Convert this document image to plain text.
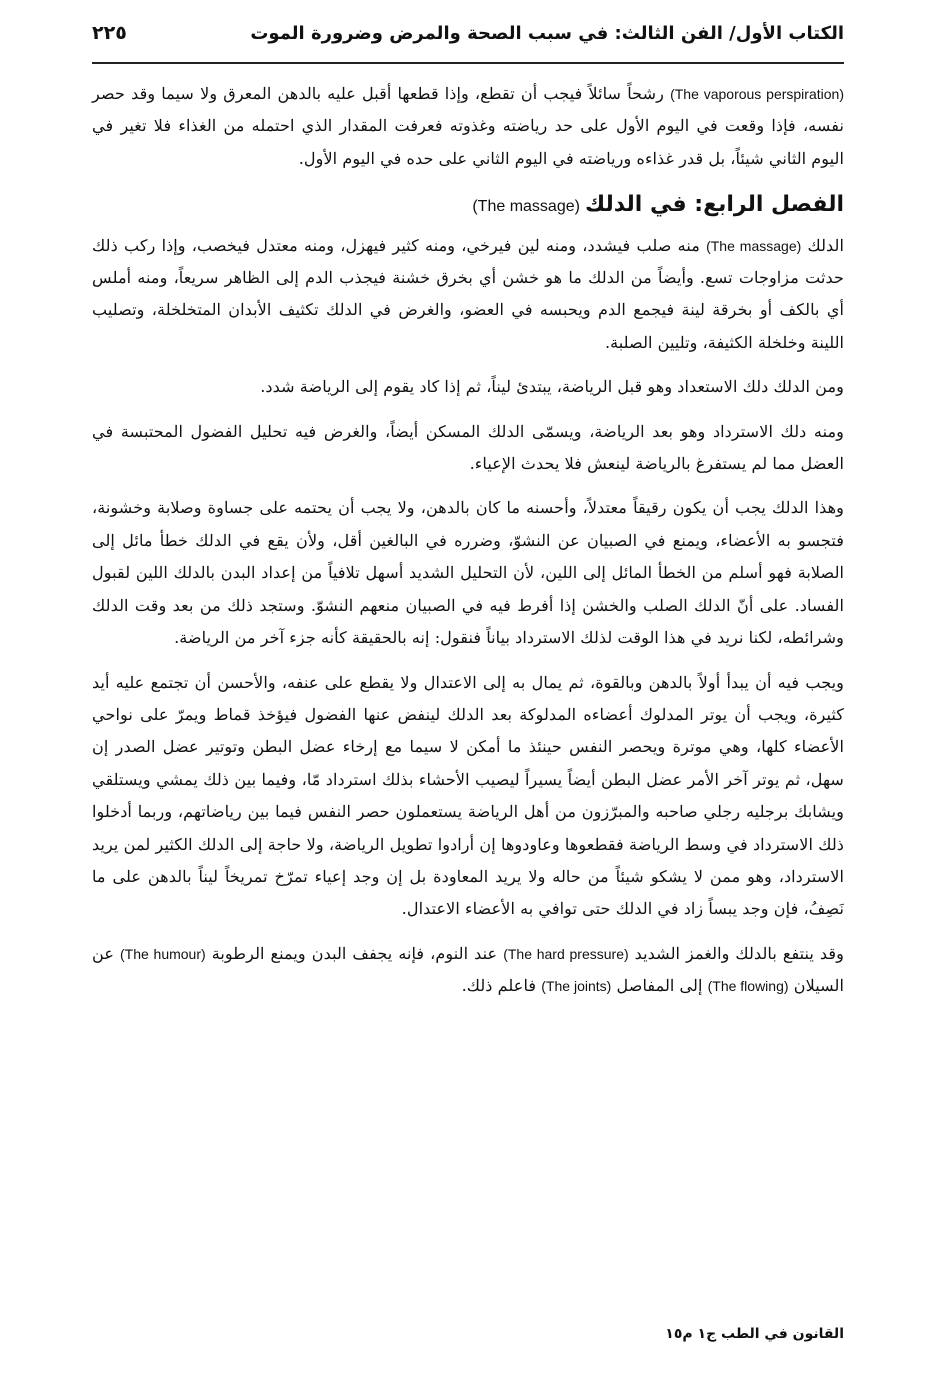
الكتاب الأول/ الفن الثالث: في سبب الصحة والمرض وضرورة الموت
٢٢٥

(The vaporous perspiration) رشحاً سائلاً فيجب أن تقطع، وإذا قطعها أقبل عليه بالدهن المعرق ولا سيما وقد حصر نفسه، فإذا وقعت في اليوم الأول على حد رياضته وغذوته فعرفت المقدار الذي احتمله من الغذاء فلا تغير في اليوم الثاني شيئاً، بل قدر غذاءه ورياضته في اليوم الثاني على حده في اليوم الأول.

الفصل الرابع: في الدلك (The massage)

الدلك (The massage) منه صلب فيشدد، ومنه لين فيرخي، ومنه كثير فيهزل، ومنه معتدل فيخصب، وإذا ركب ذلك حدثت مزاوجات تسع. وأيضاً من الدلك ما هو خشن أي بخرق خشنة فيجذب الدم إلى الظاهر سريعاً، ومنه أملس أي بالكف أو بخرقة لينة فيجمع الدم ويحبسه في العضو، والغرض في الدلك تكثيف الأبدان المتخلخلة، وتصليب اللينة وخلخلة الكثيفة، وتليين الصلبة.

ومن الدلك دلك الاستعداد وهو قبل الرياضة، يبتدئ ليناً، ثم إذا كاد يقوم إلى الرياضة شدد.

ومنه دلك الاسترداد وهو بعد الرياضة، ويسمّى الدلك المسكن أيضاً، والغرض فيه تحليل الفضول المحتبسة في العضل مما لم يستفرغ بالرياضة لينعش فلا يحدث الإعياء.

وهذا الدلك يجب أن يكون رقيقاً معتدلاً، وأحسنه ما كان بالدهن، ولا يجب أن يحتمه على جساوة وصلابة وخشونة، فتجسو به الأعضاء، ويمنع في الصبيان عن النشوّ، وضرره في البالغين أقل، ولأن يقع في الدلك خطأ مائل إلى الصلابة فهو أسلم من الخطأ المائل إلى اللين، لأن التحليل الشديد أسهل تلافياً من إعداد البدن بالدلك اللين لقبول الفساد. على أنّ الدلك الصلب والخشن إذا أفرط فيه في الصبيان منعهم النشوّ. وستجد ذلك من بعد وقت الدلك وشرائطه، لكنا نريد في هذا الوقت لذلك الاسترداد بياناً فنقول: إنه بالحقيقة كأنه جزء آخر من الرياضة.

ويجب فيه أن يبدأ أولاً بالدهن وبالقوة، ثم يمال به إلى الاعتدال ولا يقطع على عنفه، والأحسن أن تجتمع عليه أيد كثيرة، ويجب أن يوتر المدلوك أعضاءه المدلوكة بعد الدلك لينفض عنها الفضول فيؤخذ قماط ويمرّ على نواحي الأعضاء كلها، وهي موترة ويحصر النفس حينئذ ما أمكن لا سيما مع إرخاء عضل البطن وتوتير عضل الصدر إن سهل، ثم يوتر آخر الأمر عضل البطن أيضاً يسيراً ليصيب الأحشاء بذلك استرداد مّا، وفيما بين ذلك يمشي ويستلقي ويشابك برجليه رجلي صاحبه والمبرّزون من أهل الرياضة يستعملون حصر النفس فيما بين رياضاتهم، وربما أدخلوا ذلك الاسترداد في وسط الرياضة فقطعوها وعاودوها إن أرادوا تطويل الرياضة، ولا حاجة إلى الدلك الكثير لمن يريد الاسترداد، وهو ممن لا يشكو شيئاً من حاله ولا يريد المعاودة بل إن وجد إعياء تمرّخ تمريخاً ليناً بالدهن على ما نَصِفُ، فإن وجد يبساً زاد في الدلك حتى توافي به الأعضاء الاعتدال.

وقد ينتفع بالدلك والغمز الشديد (The hard pressure) عند النوم، فإنه يجفف البدن ويمنع الرطوبة (The humour) عن السيلان (The flowing) إلى المفاصل (The joints) فاعلم ذلك.

القانون في الطب ج١ م١٥
